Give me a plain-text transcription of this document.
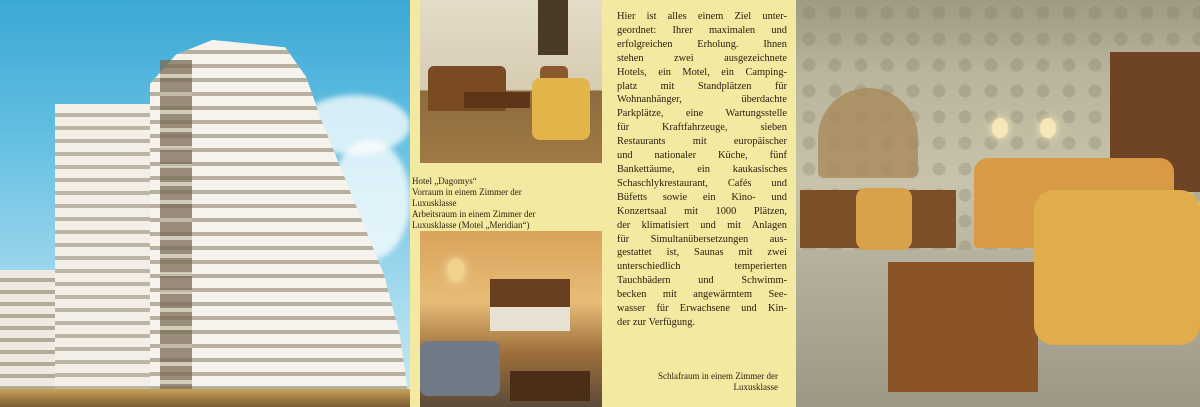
Hotel „Dagomys“
Vorraum in einem Zimmer der
Luxusklasse
Arbeitsraum in einem Zimmer der
Luxusklasse (Motel „Meridian“)
Hier ist alles einem Ziel unter-
geordnet: Ihrer maximalen und
erfolgreichen Erholung. Ihnen
stehen zwei ausgezeichnete
Hotels, ein Motel, ein Camping-
platz mit Standplätzen für
Wohnanhänger, überdachte
Parkplätze, eine Wartungsstelle
für Kraftfahrzeuge, sieben
Restaurants mit europäischer
und nationaler Küche, fünf
Bankettäume, ein kaukasisches
Schaschlykrestaurant, Cafés und
Büfetts sowie ein Kino- und
Konzertsaal mit 1000 Plätzen,
der klimatisiert und mit Anlagen
für Simultanübersetzungen aus-
gestattet ist, Saunas mit zwei
unterschiedlich temperierten
Tauchbädern und Schwimm-
becken mit angewärmtem See-
wasser für Erwachsene und Kin-
der zur Verfügung.
Schlafraum in einem Zimmer der
Luxusklasse
